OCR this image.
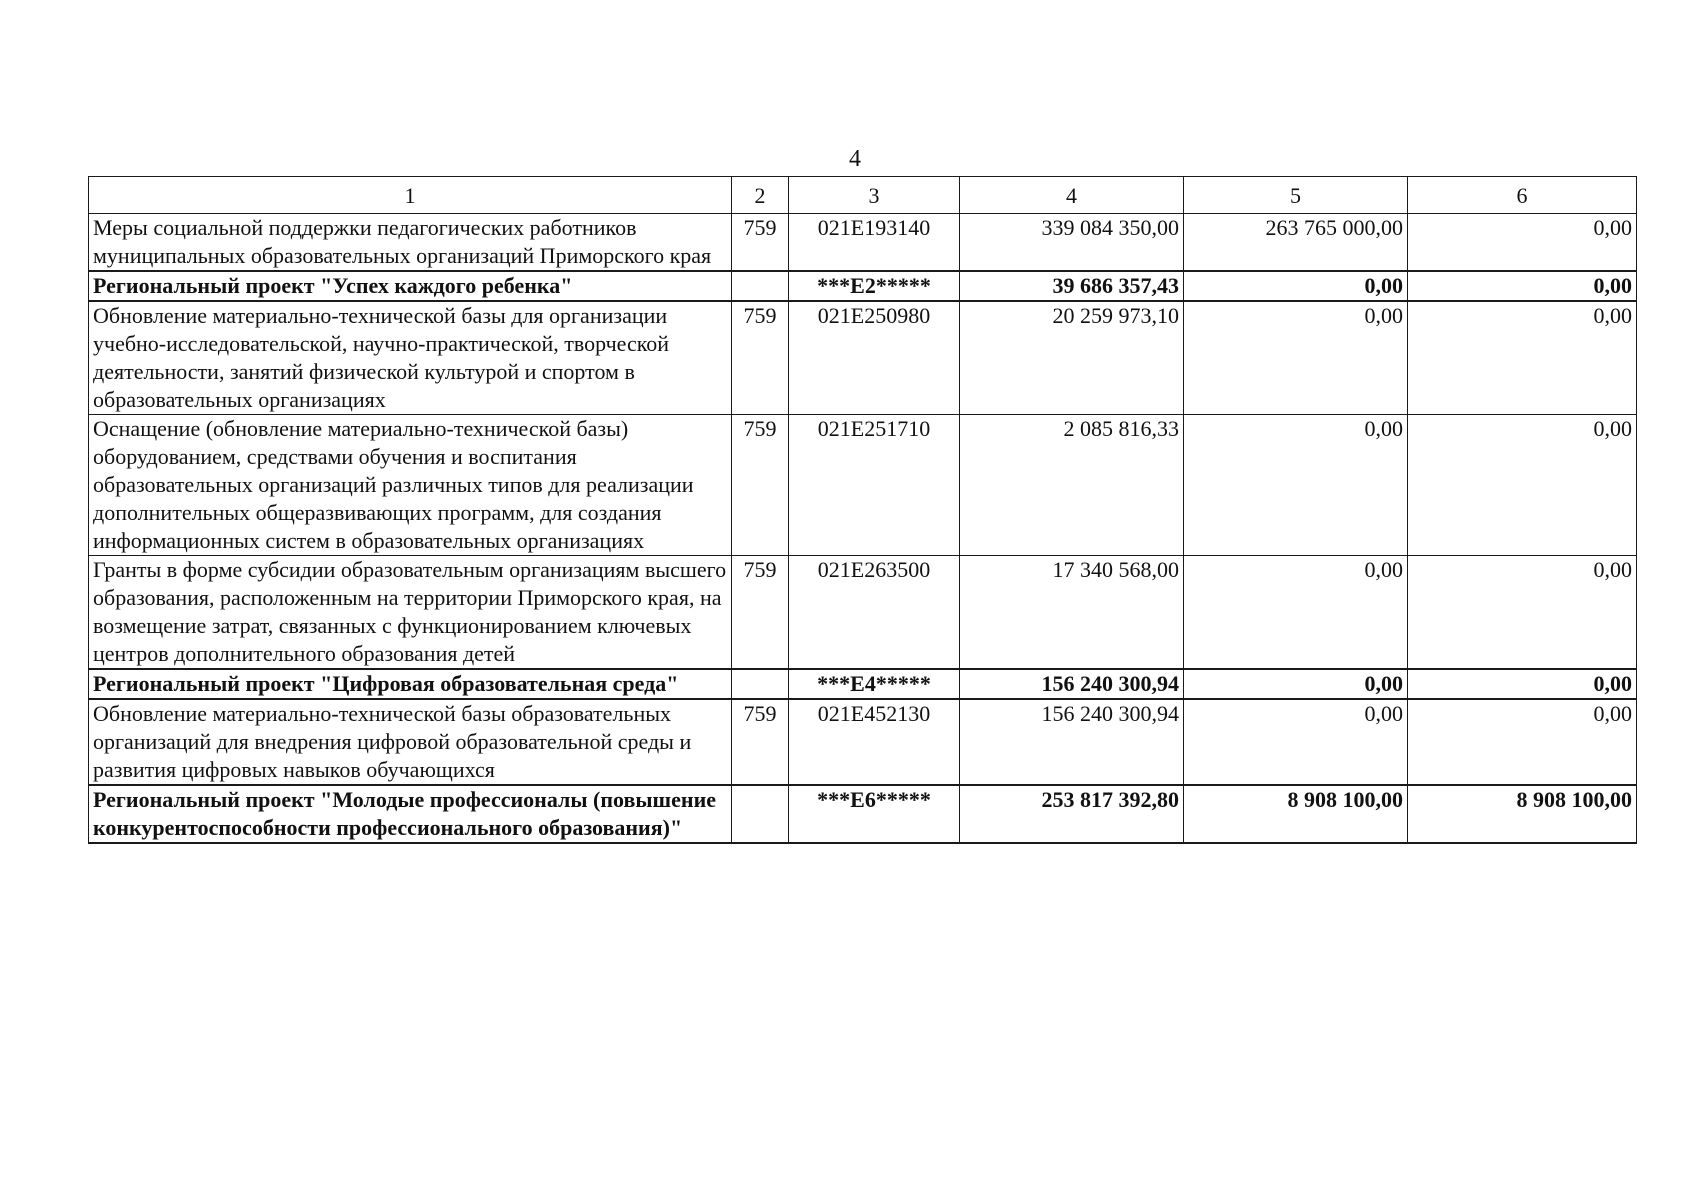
4
1	2	3	4	5	6
Меры социальной поддержки педагогических работников муниципальных образовательных организаций Приморского края	759	021E193140	339 084 350,00	263 765 000,00	0,00
Региональный проект "Успех каждого ребенка"		***E2*****	39 686 357,43	0,00	0,00
Обновление материально-технической базы для организации учебно-исследовательской, научно-практической, творческой деятельности, занятий физической культурой и спортом в образовательных организациях	759	021E250980	20 259 973,10	0,00	0,00
Оснащение (обновление материально-технической базы) оборудованием, средствами обучения и воспитания образовательных организаций различных типов для реализации дополнительных общеразвивающих программ, для создания информационных систем в образовательных организациях	759	021E251710	2 085 816,33	0,00	0,00
Гранты в форме субсидии образовательным организациям высшего образования, расположенным на территории Приморского края, на возмещение затрат, связанных с функционированием ключевых центров дополнительного образования детей	759	021E263500	17 340 568,00	0,00	0,00
Региональный проект "Цифровая образовательная среда"		***E4*****	156 240 300,94	0,00	0,00
Обновление материально-технической базы образовательных организаций для внедрения цифровой образовательной среды и развития цифровых навыков обучающихся	759	021E452130	156 240 300,94	0,00	0,00
Региональный проект "Молодые профессионалы (повышение конкурентоспособности профессионального образования)"		***E6*****	253 817 392,80	8 908 100,00	8 908 100,00
